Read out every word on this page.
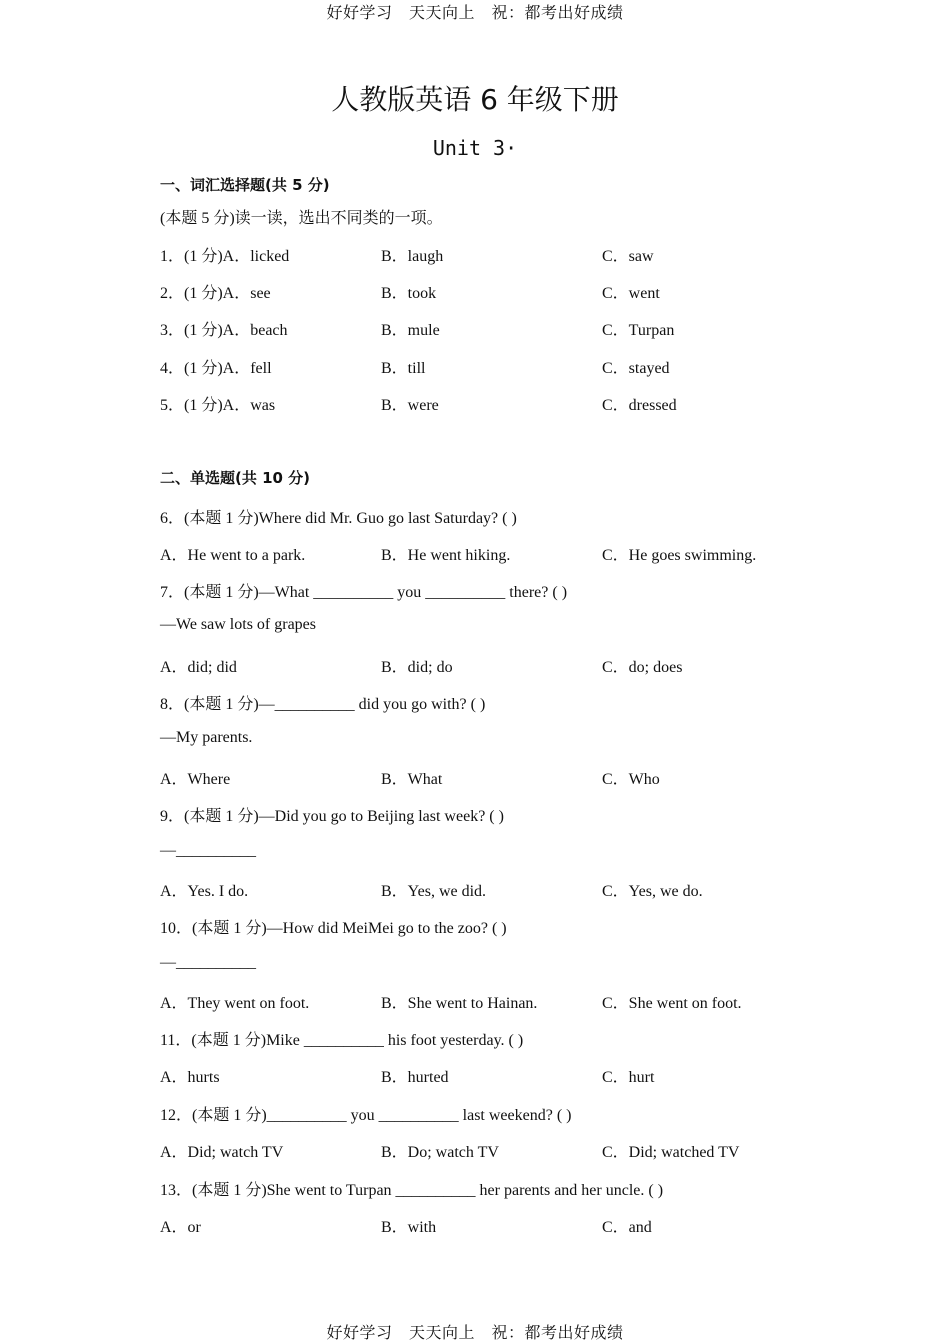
好好学习　天天向上　祝：都考出好成绩
人教版英语 6 年级下册
Unit 3·
一、词汇选择题(共 5 分)
(本题 5 分)读一读，选出不同类的一项。
1．(1 分)A．licked	B．laugh	C．saw
2．(1 分)A．see	B．took	C．went
3．(1 分)A．beach	B．mule	C．Turpan
4．(1 分)A．fell	B．till	C．stayed
5．(1 分)A．was	B．were	C．dressed
二、单选题(共 10 分)
6．(本题 1 分)Where did Mr. Guo go last Saturday? ( )
A．He went to a park.	B．He went hiking.	C．He goes swimming.
7．(本题 1 分)—What __________ you __________ there? ( )
—We saw lots of grapes
A．did; did	B．did; do	C．do; does
8．(本题 1 分)—__________ did you go with? ( )
—My parents.
A．Where	B．What	C．Who
9．(本题 1 分)—Did you go to Beijing last week? ( )
—__________
A．Yes. I do.	B．Yes, we did.	C．Yes, we do.
10．(本题 1 分)—How did MeiMei go to the zoo? ( )
—__________
A．They went on foot.	B．She went to Hainan.	C．She went on foot.
11．(本题 1 分)Mike __________ his foot yesterday. ( )
A．hurts	B．hurted	C．hurt
12．(本题 1 分)__________ you __________ last weekend? ( )
A．Did; watch TV	B．Do; watch TV	C．Did; watched TV
13．(本题 1 分)She went to Turpan __________ her parents and her uncle. ( )
A．or	B．with	C．and
好好学习　天天向上　祝：都考出好成绩
